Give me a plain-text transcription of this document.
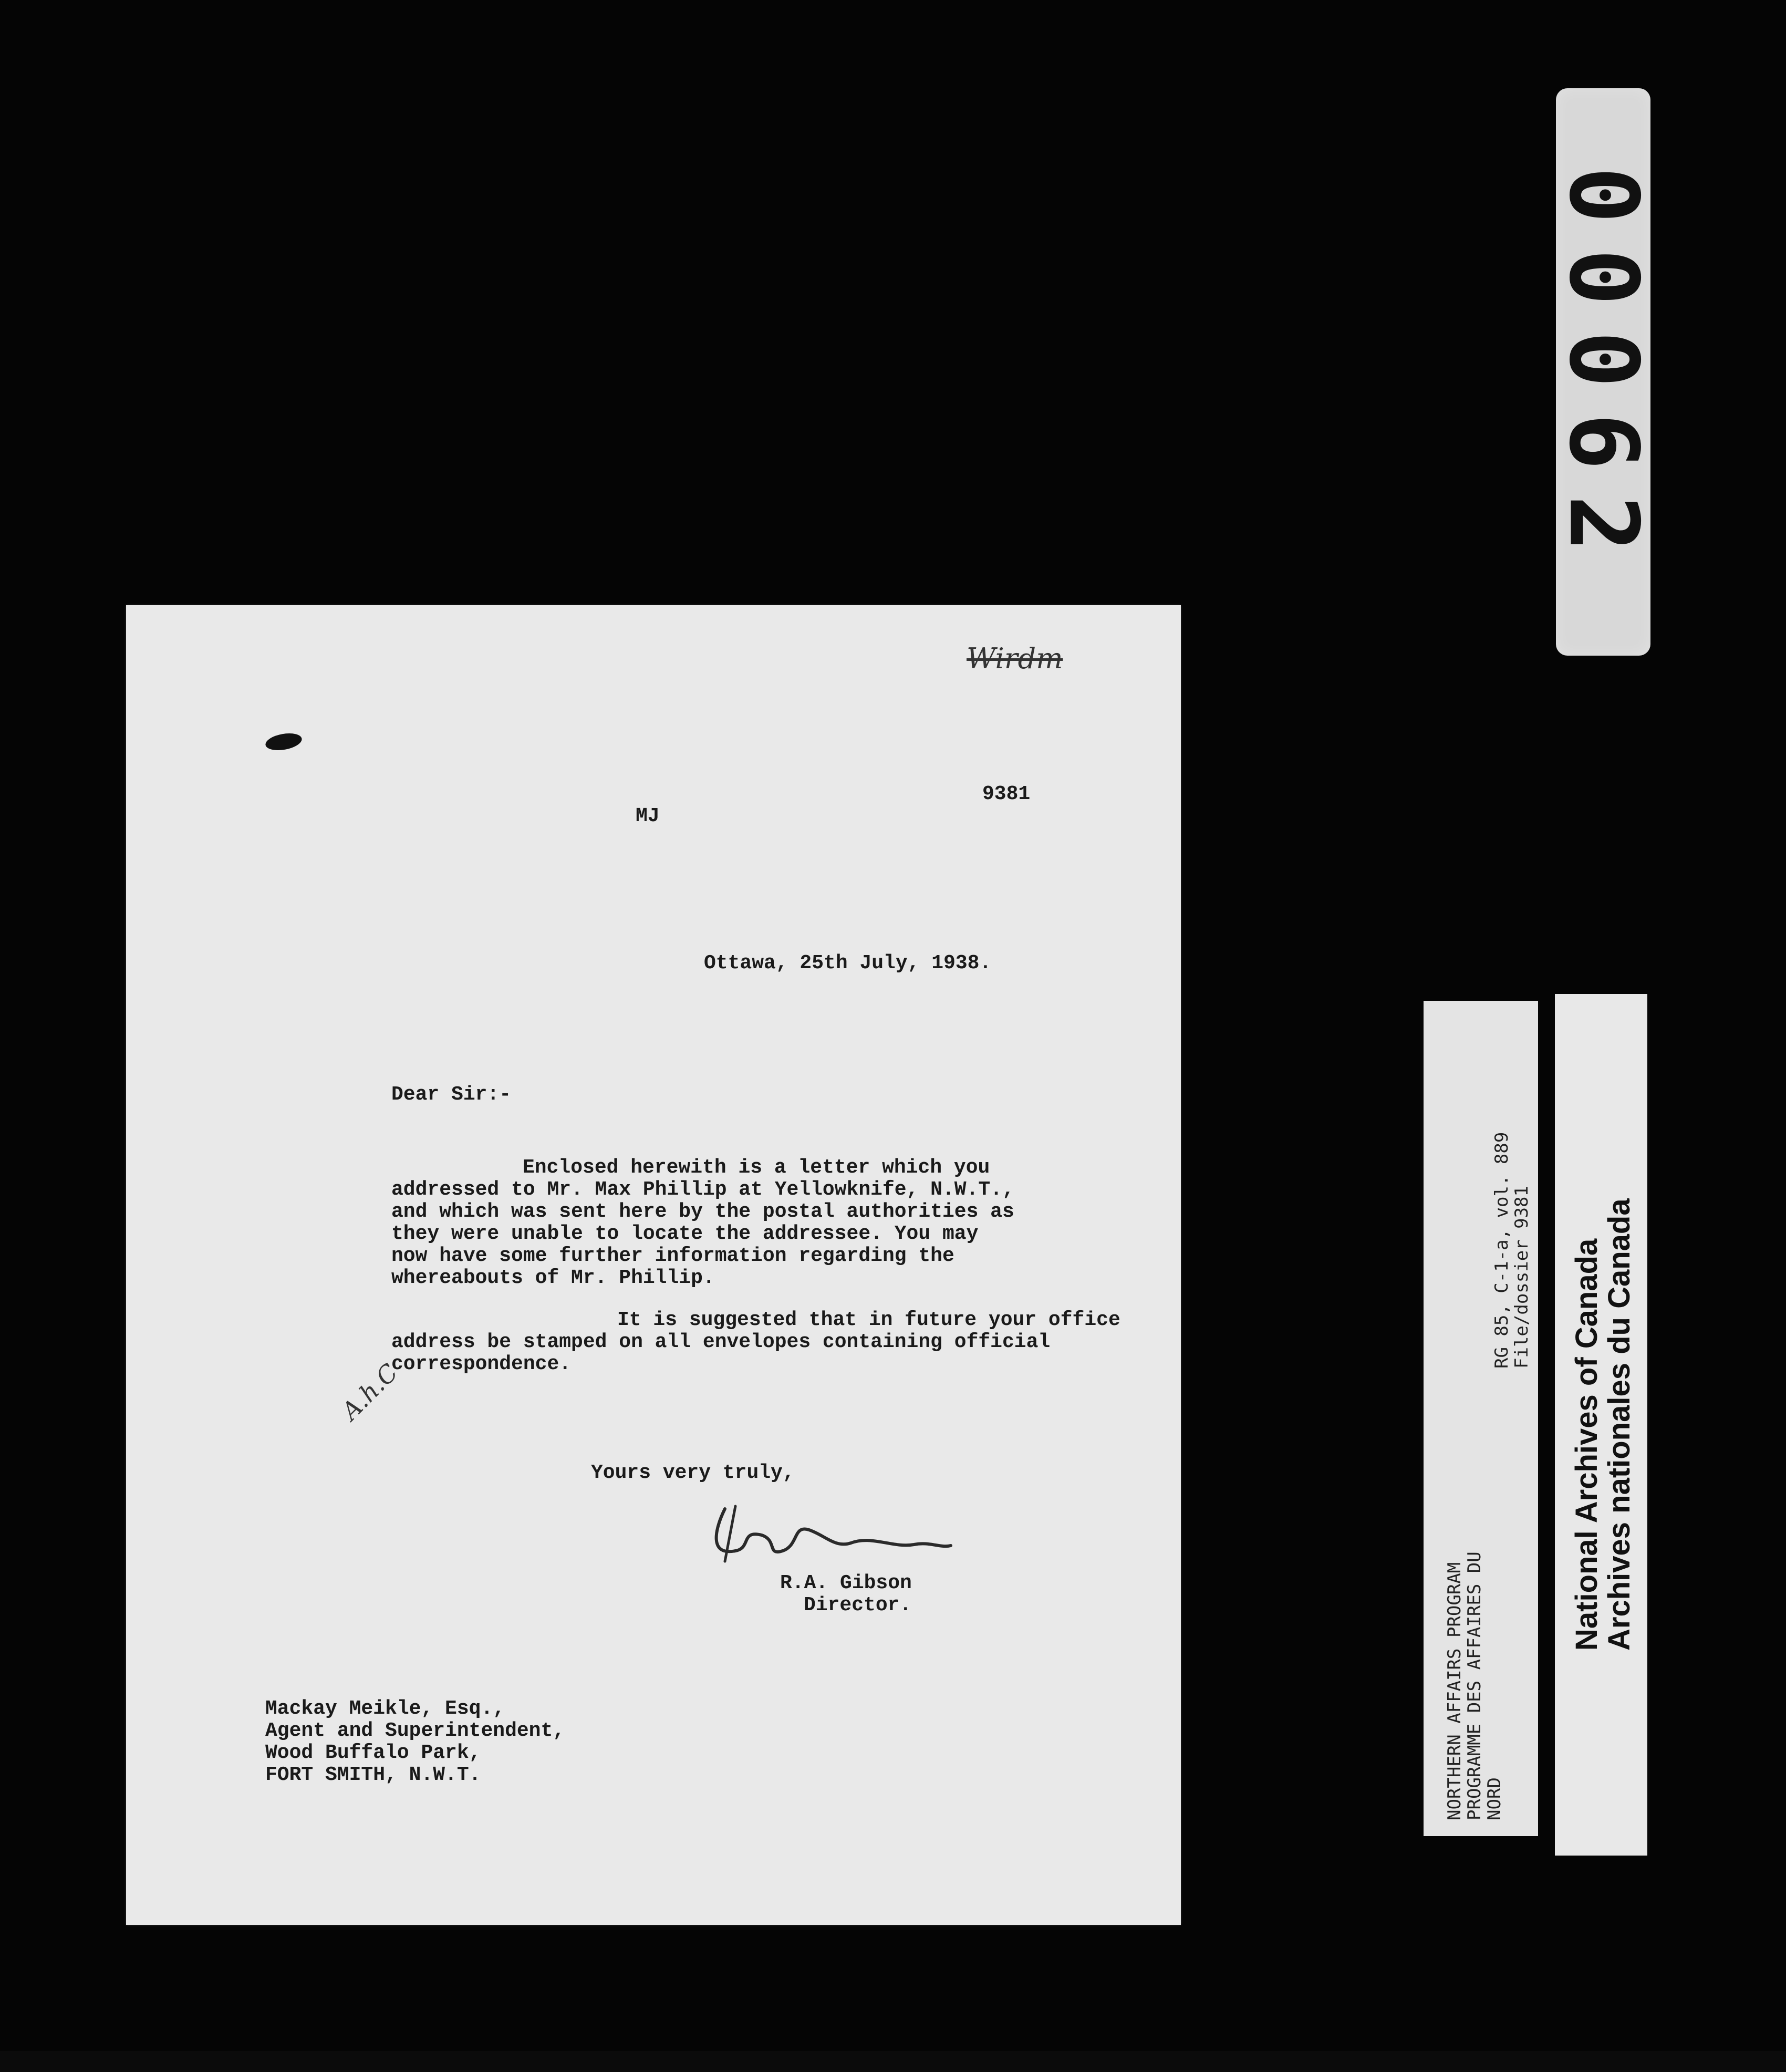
00062
Wirdm
MJ
9381
Ottawa, 25th July, 1938.
Dear Sir:-
Enclosed herewith is a letter which you
addressed to Mr. Max Phillip at Yellowknife, N.W.T.,
and which was sent here by the postal authorities as
they were unable to locate the addressee. You may
now have some further information regarding the
whereabouts of Mr. Phillip.
It is suggested that in future your office
address be stamped on all envelopes containing official
correspondence.
A.h.C
Yours very truly,
R.A. Gibson
Director.
Mackay Meikle, Esq.,
Agent and Superintendent,
Wood Buffalo Park,
FORT SMITH, N.W.T.	NORTHERN AFFAIRS PROGRAM
PROGRAMME DES AFFAIRES DU
NORD
RG 85, C-1-a, vol. 889
File/dossier 9381 National Archives of Canada
Archives nationales du Canada
